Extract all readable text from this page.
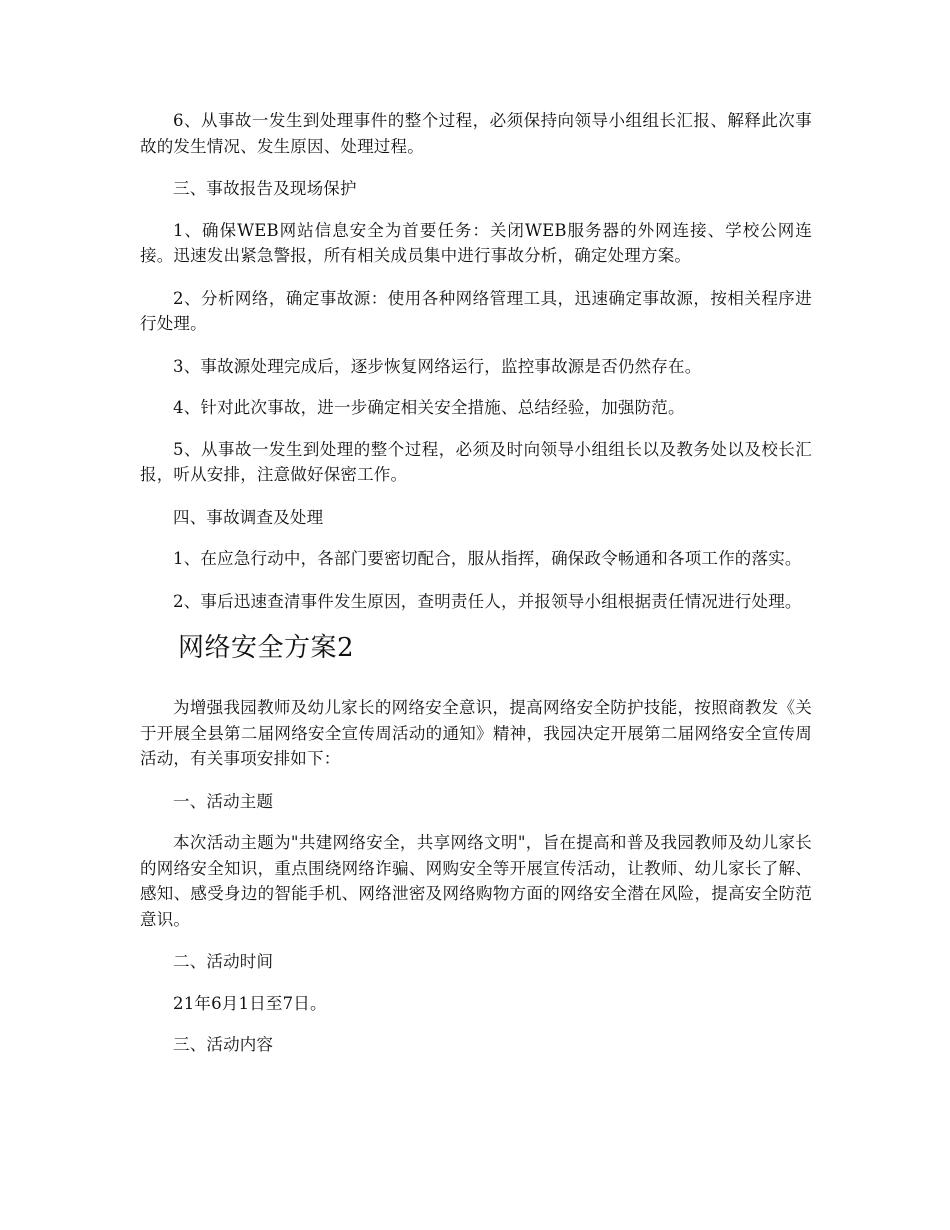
6、从事故一发生到处理事件的整个过程，必须保持向领导小组组长汇报、解释此次事故的发生情况、发生原因、处理过程。

三、事故报告及现场保护

1、确保WEB网站信息安全为首要任务：关闭WEB服务器的外网连接、学校公网连接。迅速发出紧急警报，所有相关成员集中进行事故分析，确定处理方案。

2、分析网络，确定事故源：使用各种网络管理工具，迅速确定事故源，按相关程序进行处理。

3、事故源处理完成后，逐步恢复网络运行，监控事故源是否仍然存在。

4、针对此次事故，进一步确定相关安全措施、总结经验，加强防范。

5、从事故一发生到处理的整个过程，必须及时向领导小组组长以及教务处以及校长汇报，听从安排，注意做好保密工作。

四、事故调查及处理

1、在应急行动中，各部门要密切配合，服从指挥，确保政令畅通和各项工作的落实。

2、事后迅速查清事件发生原因，查明责任人，并报领导小组根据责任情况进行处理。

网络安全方案2

为增强我园教师及幼儿家长的网络安全意识，提高网络安全防护技能，按照商教发《关于开展全县第二届网络安全宣传周活动的通知》精神，我园决定开展第二届网络安全宣传周活动，有关事项安排如下：

一、活动主题

本次活动主题为"共建网络安全，共享网络文明"，旨在提高和普及我园教师及幼儿家长的网络安全知识，重点围绕网络诈骗、网购安全等开展宣传活动，让教师、幼儿家长了解、感知、感受身边的智能手机、网络泄密及网络购物方面的网络安全潜在风险，提高安全防范意识。

二、活动时间

21年6月1日至7日。

三、活动内容
